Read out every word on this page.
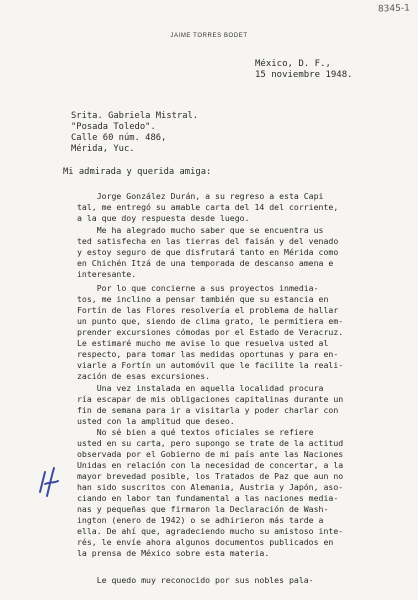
8345-1
JAIME TORRES BODET
México, D. F.,
15 noviembre 1948.
Srita. Gabriela Mistral.
"Posada Toledo".
Calle 60 núm. 486,
Mérida, Yuc.
Mi admirada y querida amiga:
Jorge González Durán, a su regreso a esta Capi
tal, me entregó su amable carta del 14 del corriente,
a la que doy respuesta desde luego.
Me ha alegrado mucho saber que se encuentra us
ted satisfecha en las tierras del faisán y del venado
y estoy seguro de que disfrutará tanto en Mérida como
en Chichén Itzá de una temporada de descanso amena e
interesante.
Por lo que concierne a sus proyectos inmedia-
tos, me inclino a pensar también que su estancia en
Fortín de las Flores resolvería el problema de hallar
un punto que, siendo de clima grato, le permitiera em-
prender excursiones cómodas por el Estado de Veracruz.
Le estimaré mucho me avise lo que resuelva usted al
respecto, para tomar las medidas oportunas y para en-
viarle a Fortín un automóvil que le facilite la reali-
zación de esas excursiones.
Una vez instalada en aquella localidad procura
ría escapar de mis obligaciones capitalinas durante un
fin de semana para ir a visitarla y poder charlar con
usted con la amplitud que deseo.
No sé bien a qué textos oficiales se refiere
usted en su carta, pero supongo se trate de la actitud
observada por el Gobierno de mi país ante las Naciones
Unidas en relación con la necesidad de concertar, a la
mayor brevedad posible, los Tratados de Paz que aun no
han sido suscritos con Alemania, Austria y Japón, aso-
ciando en labor tan fundamental a las naciones media-
nas y pequeñas que firmaron la Declaración de Wash-
ington (enero de 1942) o se adhirieron más tarde a
ella. De ahí que, agradeciendo mucho su amistoso inte-
rés, le envíe ahora algunos documentos publicados en
la prensa de México sobre esta materia.
Le quedo muy reconocido por sus nobles pala-
